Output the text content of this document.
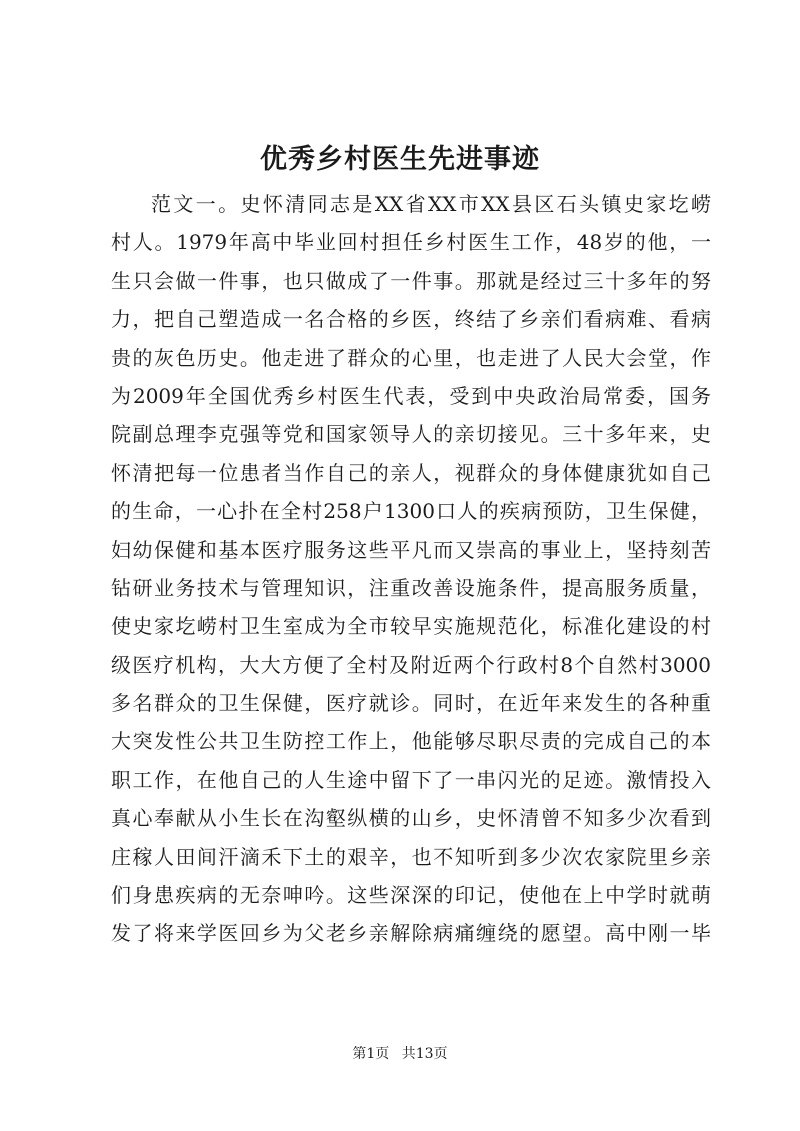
优秀乡村医生先进事迹
范文一。史怀清同志是XX省XX市XX县区石头镇史家圪崂
村人。1979年高中毕业回村担任乡村医生工作，48岁的他，一
生只会做一件事，也只做成了一件事。那就是经过三十多年的努
力，把自己塑造成一名合格的乡医，终结了乡亲们看病难、看病
贵的灰色历史。他走进了群众的心里，也走进了人民大会堂，作
为2009年全国优秀乡村医生代表，受到中央政治局常委，国务
院副总理李克强等党和国家领导人的亲切接见。三十多年来，史
怀清把每一位患者当作自己的亲人，视群众的身体健康犹如自己
的生命，一心扑在全村258户1300口人的疾病预防，卫生保健，
妇幼保健和基本医疗服务这些平凡而又崇高的事业上，坚持刻苦
钻研业务技术与管理知识，注重改善设施条件，提高服务质量，
使史家圪崂村卫生室成为全市较早实施规范化，标准化建设的村
级医疗机构，大大方便了全村及附近两个行政村8个自然村3000
多名群众的卫生保健，医疗就诊。同时，在近年来发生的各种重
大突发性公共卫生防控工作上，他能够尽职尽责的完成自己的本
职工作，在他自己的人生途中留下了一串闪光的足迹。激情投入
真心奉献从小生长在沟壑纵横的山乡，史怀清曾不知多少次看到
庄稼人田间汗滴禾下土的艰辛，也不知听到多少次农家院里乡亲
们身患疾病的无奈呻吟。这些深深的印记，使他在上中学时就萌
发了将来学医回乡为父老乡亲解除病痛缠绕的愿望。高中刚一毕
第1页 共13页
